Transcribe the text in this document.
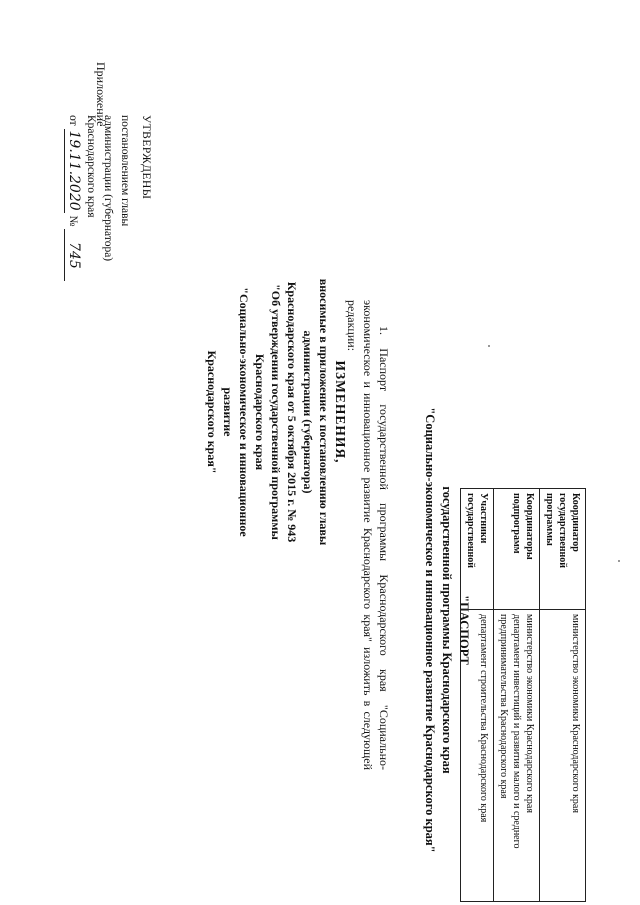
Приложение

УТВЕРЖДЕНЫ
постановлением главы
администрации (губернатора)
Краснодарского края
от 19.11.2020 № 745
ИЗМЕНЕНИЯ,
вносимые в приложение к постановлению главы администрации (губернатора)
Краснодарского края от 5 октября 2015 г. № 943
"Об утверждении государственной программы Краснодарского края
"Социально-экономическое и инновационное развитие
Краснодарского края"	1. Паспорт государственной программы Краснодарского края "Социально-экономическое и инновационное развитие Краснодарского края" изложить в следующей редакции:

"ПАСПОРТ
государственной программы Краснодарского края
"Социально-экономическое и инновационное развитие Краснодарского края"	Координатор государственной программы	министерство экономики Краснодарского края

Координаторы подпрограмм	министерство экономики Краснодарского края
департамент инвестиций и развития малого и среднего предпринимательства Краснодарского края

Участники государственной	департамент строительства Краснодарского края
